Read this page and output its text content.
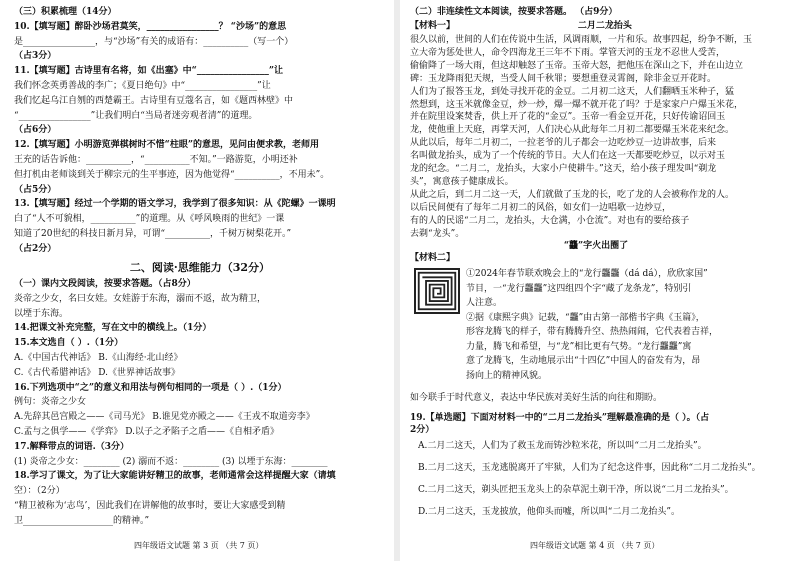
（三）积累梳理（14分）
10.【填写题】醉卧沙场君莫笑，________________？ “沙场”的意思
是________________，与“沙场”有关的成语有：__________（写一个）
（占3分）
11.【填写题】古诗里有名将，如《出塞》中“________________”让
我们怀念英勇善战的李广；《夏日绝句》中“________________”让
我们忆起乌江自刎的西楚霸王。古诗里有豆蔻名言，如《题西林壁》中
“________________”让我们明白“当局者迷旁观者清”的道理。
（占6分）
12.【填写题】小明游览弹棋树时不惜“柱眼”的意思，见问由便求教，老师用
王充的话告诉他：__________，“__________不知。”一路游览，小明还补
但打机由老师谈到关于柳宗元的生平事迹，因为他觉得“__________，不用未”。
（占5分）
13.【填写题】经过一个学期的语文学习，我学到了很多知识：从《陀螺》一课明
白了“人不可貌相，__________”的道理。从《呼风唤雨的世纪》一课
知道了20世纪的科技日新月异，可谓“__________，千树万树梨花开。”
（占2分）
二、阅读·思维能力（32分）
（一）课内文段阅读，按要求答题。（占8分）
炎帝之少女，名曰女娃。女娃游于东海，溺而不返，故为精卫，
以堙于东海。
14.把课文补充完整，写在文中的横线上。（1分）
15.本文选自（ ）.（1分）
A.《中国古代神话》 B.《山海经·北山经》
C.《古代希腊神话》 D.《世界神话故事》
16.下列选项中“之”的意义和用法与例句相同的一项是（ ）.（1分）
例句：炎帝之少女
A.先辞其邑宫殿之——《司马光》 B.谁见党亦殿之——《王戎不取道旁李》
C.孟与之俱学——《学弈》 D.以子之矛陷子之盾——《自相矛盾》
17.解释带点的词语.（3分）
(1) 炎帝之少女：________ (2) 溺而不返：________ (3) 以堙于东海：________
18.学习了课文，为了让大家能讲好精卫的故事，老师通常会这样提醒大家（请填
空）：（2分）
“精卫被称为‘志鸟’，因此我们在讲解他的故事时，要让大家感受到精
卫____________________的精神。”
四年级语文试题 第 3 页 （共 7 页）
（二）非连续性文本阅读，按要求答题。 （占9分）
【材料一】	二月二龙抬头
很久以前，世间的人们在传说中生活，风调雨顺，一片和乐。故事四起，纷争不断，玉
立大帝为惩处世人，命令四海龙王三年不下雨。掌管天河的玉龙不忍世人受苦，
偷偷降了一场大雨，但这却触怒了玉帝。玉帝大怒，把他压在深山之下，并在山边立
碑：玉龙降雨犯天规，当受人间千秋罪；要想重登灵霄阁，除非金豆开花时。
人们为了报答玉龙，到处寻找开花的金豆。二月初二这天，人们翻晒玉米种子，猛
然想到，这玉米就像金豆，炒一炒，爆一爆不就开花了吗？于是家家户户爆玉米花，
并在院里设案焚香，供上开了花的“金豆”。玉帝一看金豆开花，只好传谕诏回玉
龙，使他重上天庭，再掌天河，人们决心从此每年二月初二都要爆玉米花来纪念。
从此以后，每年二月初二，一拉老爷的儿子都会一边吃炒豆一边讲故事，后来
名叫做龙抬头，成为了一个传统的节日。大人们在这一天都要吃炒豆，以示对玉
龙的纪念。“二月二，龙抬头，大家小户使耕牛。”这天，给小孩子理发叫“剃龙
头”，寓意孩子健康成长。
从此之后，到二月二这一天，人们就做了玉龙的长，吃了龙的人会被称作龙的人。
以后民间便有了每年二月初二的风俗，如女们一边唱歌一边炒豆，
有的人的民谣“二月二，龙抬头，大仓满，小仓流”。对也有的要给孩子
去剃“龙头”。
“龘”字火出圈了
【材料二】
①2024年春节联欢晚会上的“龙行龘龘（dá dá），欣欣家国”
节目，一“龙行龘龘”这四组四个字“藏了龙条龙”，特别引
人注意。
②据《康熙字典》记载，“龘”由古第一部楷书字典《玉篇》，
形容龙腾飞的样子，带有腾腾升空、热热闹闹，它代表着吉祥，
力量，腾飞和希望，与“龙”相比更有气势。“龙行龘龘”寓
意了龙腾飞，生动地展示出“十四亿”中国人的奋发有为，昂
扬向上的精神风貌。
如今联手于时代意义，表达中华民族对美好生活的向往和期盼。
19.【单选题】下面对材料一中的“二月二龙抬头”理解最准确的是（ ）。（占
2分）
A.二月二这天，人们为了救玉龙而铸沙粒米花，所以叫“二月二龙抬头”。
B.二月二这天，玉龙逃脱离开了牢狱，人们为了纪念这件事，因此称“二月二龙抬头”。
C.二月二这天，剃头匠把玉龙头上的杂草泥土剃干净，所以说“二月二龙抬头”。
D.二月二这天，玉龙披放，他仰头而嘘，所以叫“二月二龙抬头”。
四年级语文试题 第 4 页 （共 7 页）
